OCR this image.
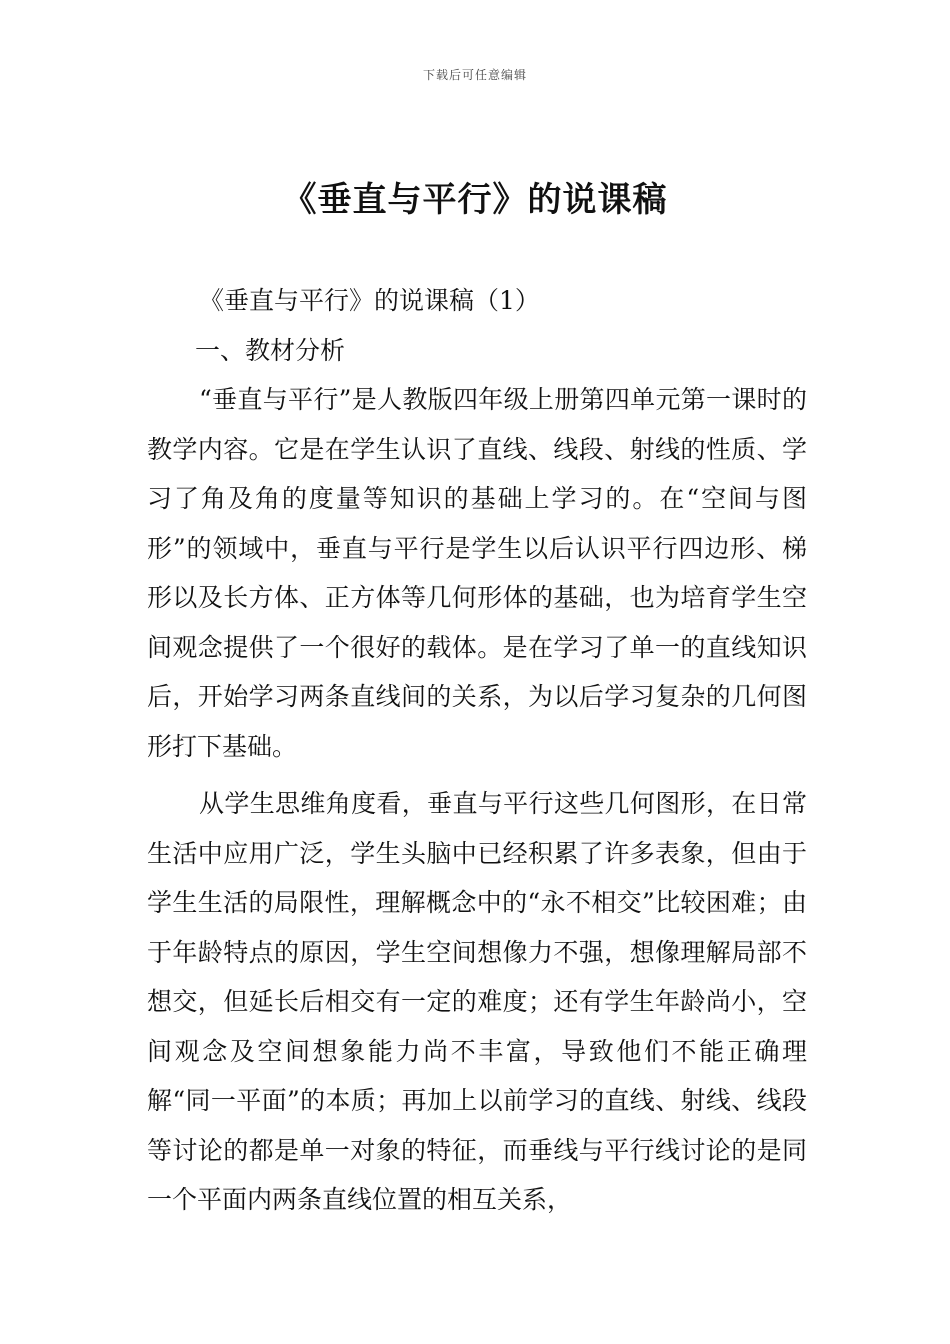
下载后可任意编辑
《垂直与平行》的说课稿

《垂直与平行》的说课稿（1）

一、教材分析

“垂直与平行”是人教版四年级上册第四单元第一课时的教学内容。它是在学生认识了直线、线段、射线的性质、学习了角及角的度量等知识的基础上学习的。在“空间与图形”的领域中，垂直与平行是学生以后认识平行四边形、梯形以及长方体、正方体等几何形体的基础，也为培育学生空间观念提供了一个很好的载体。是在学习了单一的直线知识后，开始学习两条直线间的关系，为以后学习复杂的几何图形打下基础。

从学生思维角度看，垂直与平行这些几何图形，在日常生活中应用广泛，学生头脑中已经积累了许多表象，但由于学生生活的局限性，理解概念中的“永不相交”比较困难；由于年龄特点的原因，学生空间想像力不强，想像理解局部不想交，但延长后相交有一定的难度；还有学生年龄尚小，空间观念及空间想象能力尚不丰富，导致他们不能正确理解“同一平面”的本质；再加上以前学习的直线、射线、线段等讨论的都是单一对象的特征，而垂线与平行线讨论的是同一个平面内两条直线位置的相互关系，
